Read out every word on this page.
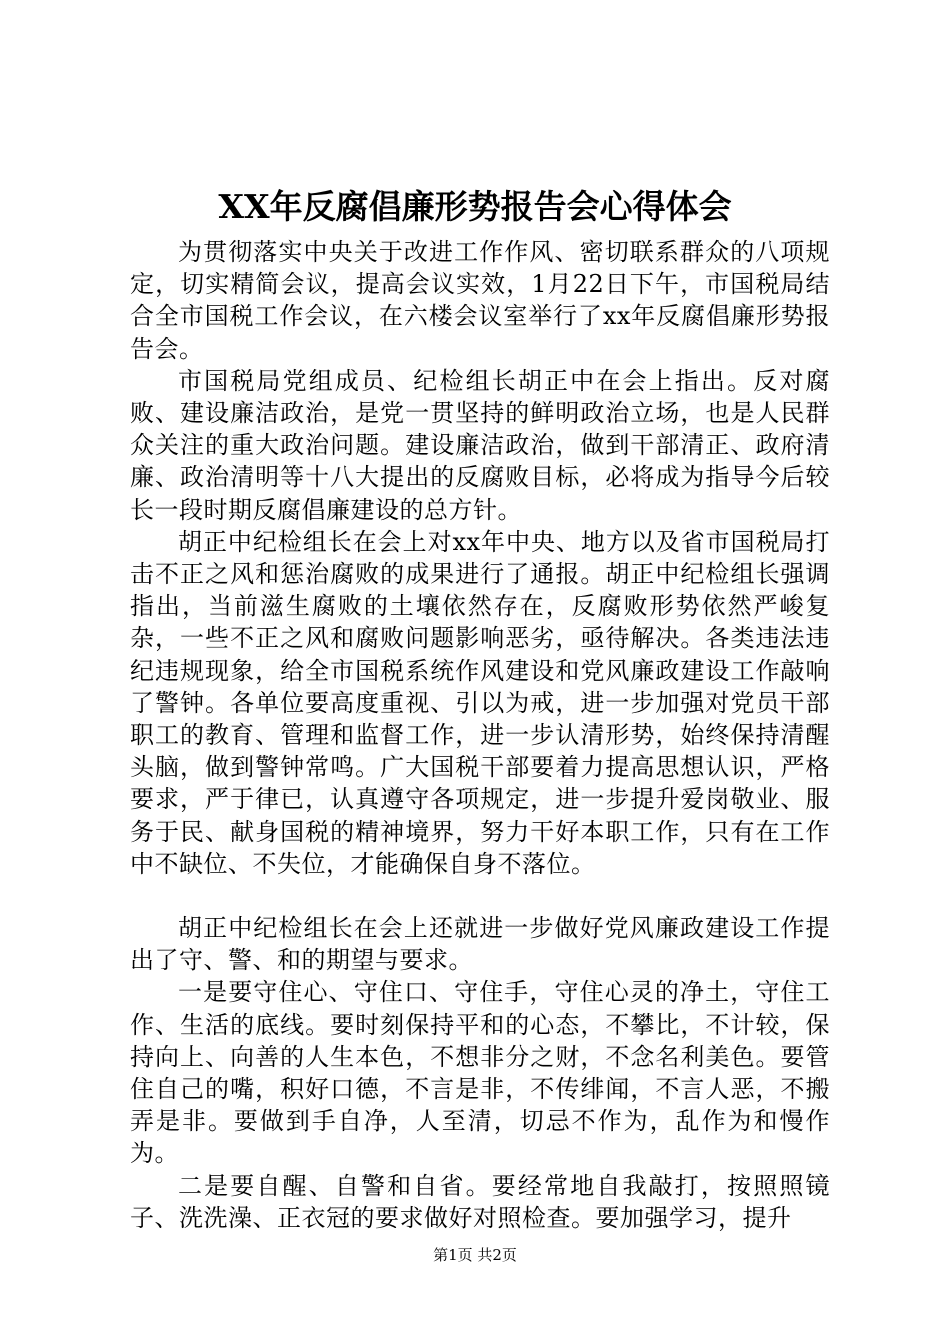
XX年反腐倡廉形势报告会心得体会

为贯彻落实中央关于改进工作作风、密切联系群众的八项规定，切实精简会议，提高会议实效，1月22日下午，市国税局结合全市国税工作会议，在六楼会议室举行了xx年反腐倡廉形势报告会。

市国税局党组成员、纪检组长胡正中在会上指出。反对腐败、建设廉洁政治，是党一贯坚持的鲜明政治立场，也是人民群众关注的重大政治问题。建设廉洁政治，做到干部清正、政府清廉、政治清明等十八大提出的反腐败目标，必将成为指导今后较长一段时期反腐倡廉建设的总方针。

胡正中纪检组长在会上对xx年中央、地方以及省市国税局打击不正之风和惩治腐败的成果进行了通报。胡正中纪检组长强调指出，当前滋生腐败的土壤依然存在，反腐败形势依然严峻复杂，一些不正之风和腐败问题影响恶劣，亟待解决。各类违法违纪违规现象，给全市国税系统作风建设和党风廉政建设工作敲响了警钟。各单位要高度重视、引以为戒，进一步加强对党员干部职工的教育、管理和监督工作，进一步认清形势，始终保持清醒头脑，做到警钟常鸣。广大国税干部要着力提高思想认识，严格要求，严于律已，认真遵守各项规定，进一步提升爱岗敬业、服务于民、献身国税的精神境界，努力干好本职工作，只有在工作中不缺位、不失位，才能确保自身不落位。

胡正中纪检组长在会上还就进一步做好党风廉政建设工作提出了守、警、和的期望与要求。

一是要守住心、守住口、守住手，守住心灵的净土，守住工作、生活的底线。要时刻保持平和的心态，不攀比，不计较，保持向上、向善的人生本色，不想非分之财，不念名利美色。要管住自己的嘴，积好口德，不言是非，不传绯闻，不言人恶，不搬弄是非。要做到手自净，人至清，切忌不作为，乱作为和慢作为。

二是要自醒、自警和自省。要经常地自我敲打，按照照镜子、洗洗澡、正衣冠的要求做好对照检查。要加强学习，提升

第1页 共2页
